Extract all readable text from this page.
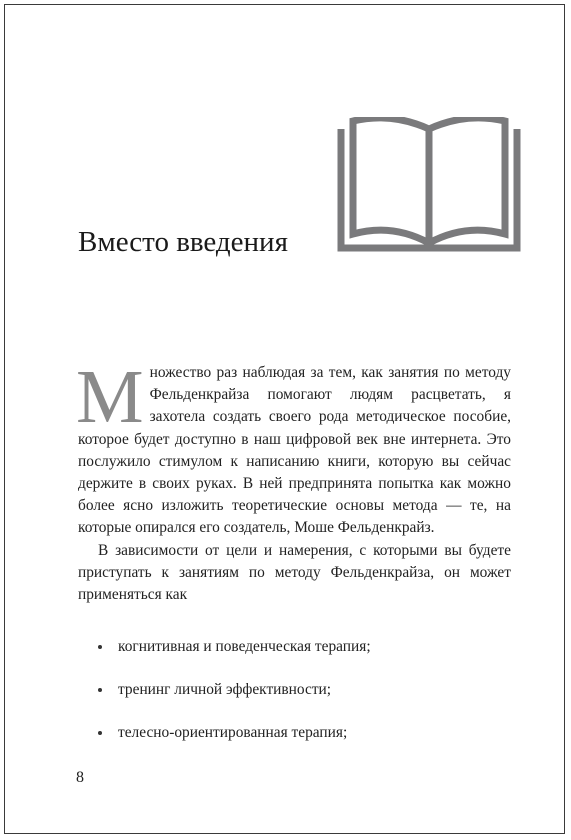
Вместо введения

Множество раз наблюдая за тем, как занятия по методу Фельденкрайза помогают людям расцветать, я захотела создать своего рода методическое пособие, которое будет доступно в наш цифровой век вне интернета. Это послужило стимулом к написанию книги, которую вы сейчас держите в своих руках. В ней предпринята попытка как можно более ясно изложить теоретические основы метода — те, на которые опирался его создатель, Моше Фельденкрайз.

В зависимости от цели и намерения, с которыми вы будете приступать к занятиям по методу Фельденкрайза, он может применяться как

когнитивная и поведенческая терапия;
тренинг личной эффективности;
телесно-ориентированная терапия;
8
